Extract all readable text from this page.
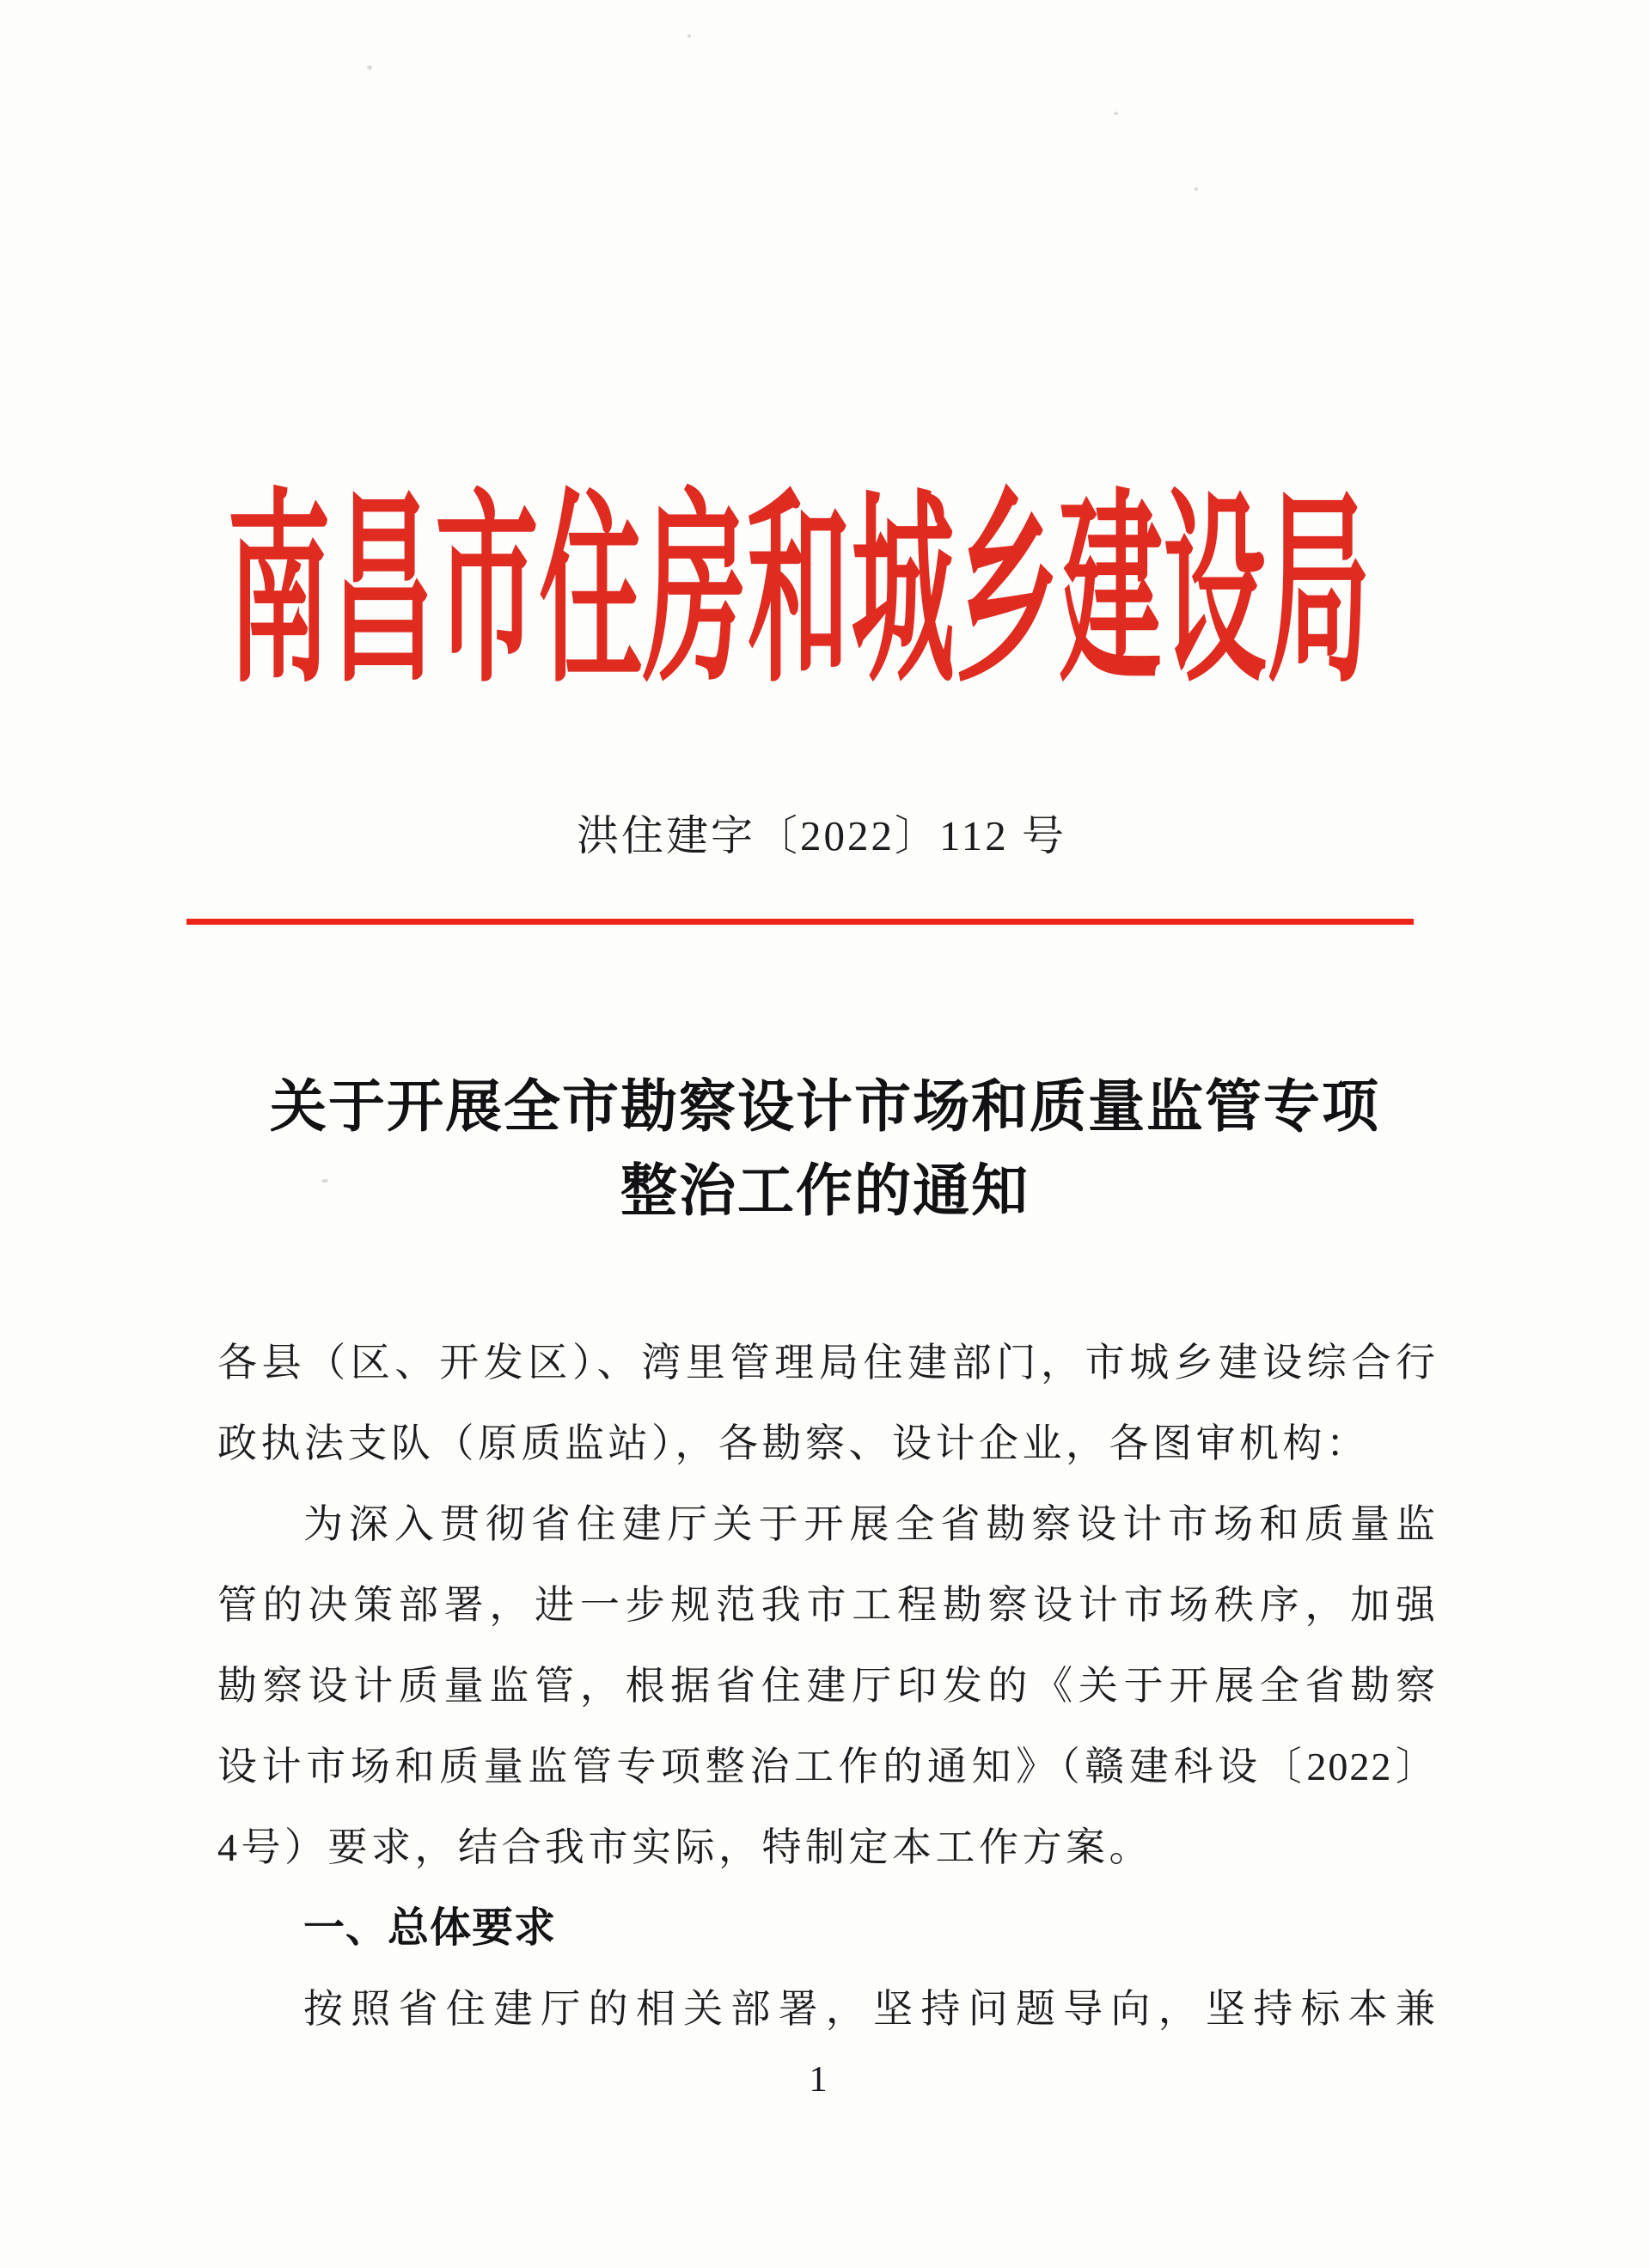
南昌市住房和城乡建设局
洪住建字〔2022〕112 号
关于开展全市勘察设计市场和质量监管专项
整治工作的通知
各县（区、开发区）、湾里管理局住建部门，市城乡建设综合行
政执法支队（原质监站），各勘察、设计企业，各图审机构：
为深入贯彻省住建厅关于开展全省勘察设计市场和质量监
管的决策部署，进一步规范我市工程勘察设计市场秩序，加强
勘察设计质量监管，根据省住建厅印发的《关于开展全省勘察
设计市场和质量监管专项整治工作的通知》（赣建科设〔2022〕
4号）要求，结合我市实际，特制定本工作方案。
一、总体要求
按照省住建厅的相关部署，坚持问题导向，坚持标本兼
1
